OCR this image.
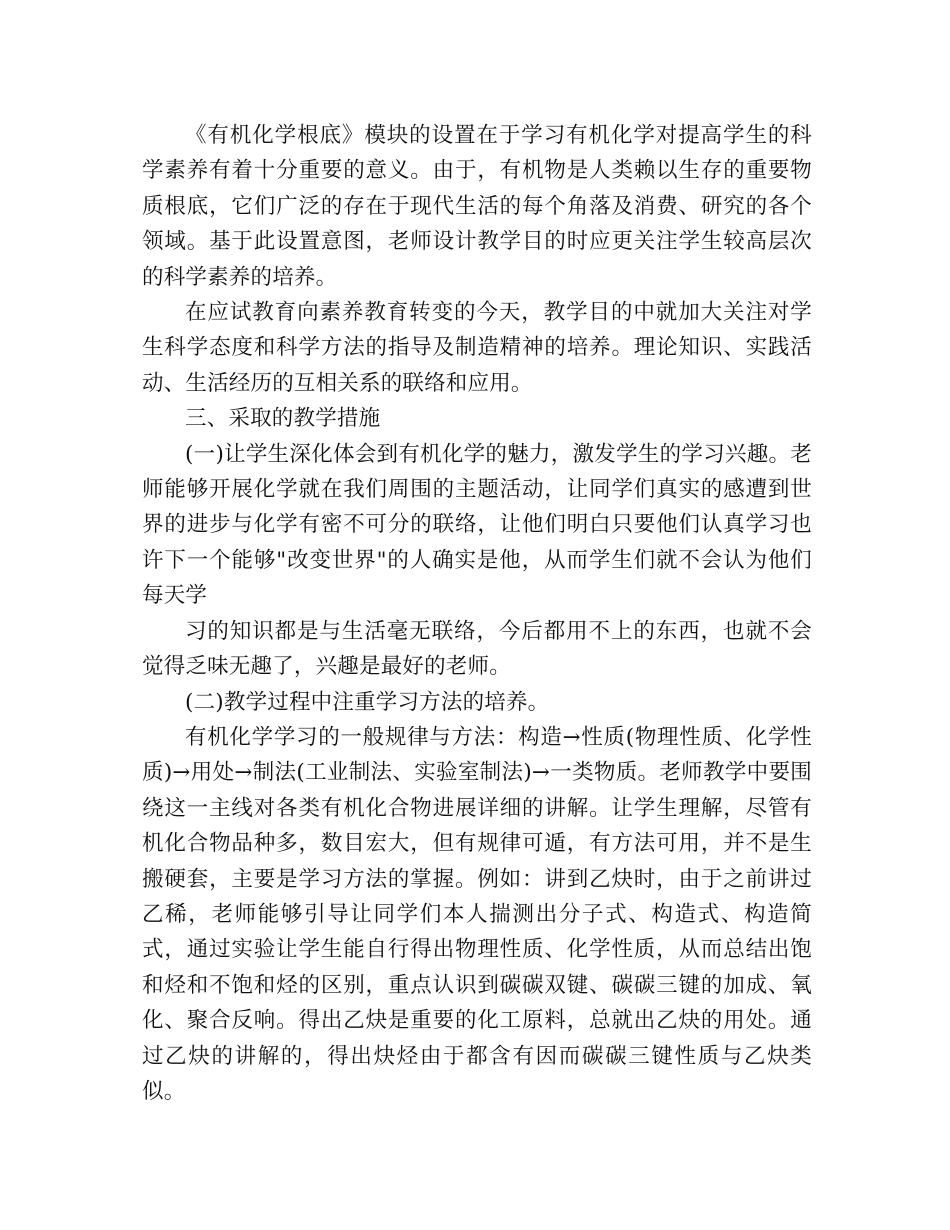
《有机化学根底》模块的设置在于学习有机化学对提高学生的科学素养有着十分重要的意义。由于，有机物是人类赖以生存的重要物质根底，它们广泛的存在于现代生活的每个角落及消费、研究的各个领域。基于此设置意图，老师设计教学目的时应更关注学生较高层次的科学素养的培养。

在应试教育向素养教育转变的今天，教学目的中就加大关注对学生科学态度和科学方法的指导及制造精神的培养。理论知识、实践活动、生活经历的互相关系的联络和应用。

三、采取的教学措施

(一)让学生深化体会到有机化学的魅力，激发学生的学习兴趣。老师能够开展化学就在我们周围的主题活动，让同学们真实的感遭到世界的进步与化学有密不可分的联络，让他们明白只要他们认真学习也许下一个能够"改变世界"的人确实是他，从而学生们就不会认为他们每天学

习的知识都是与生活毫无联络，今后都用不上的东西，也就不会觉得乏味无趣了，兴趣是最好的老师。

(二)教学过程中注重学习方法的培养。

有机化学学习的一般规律与方法：构造→性质(物理性质、化学性质)→用处→制法(工业制法、实验室制法)→一类物质。老师教学中要围绕这一主线对各类有机化合物进展详细的讲解。让学生理解，尽管有机化合物品种多，数目宏大，但有规律可遁，有方法可用，并不是生搬硬套，主要是学习方法的掌握。例如：讲到乙炔时，由于之前讲过乙稀，老师能够引导让同学们本人揣测出分子式、构造式、构造简式，通过实验让学生能自行得出物理性质、化学性质，从而总结出饱和烃和不饱和烃的区别，重点认识到碳碳双键、碳碳三键的加成、氧化、聚合反响。得出乙炔是重要的化工原料，总就出乙炔的用处。通过乙炔的讲解的，得出炔烃由于都含有因而碳碳三键性质与乙炔类似。
